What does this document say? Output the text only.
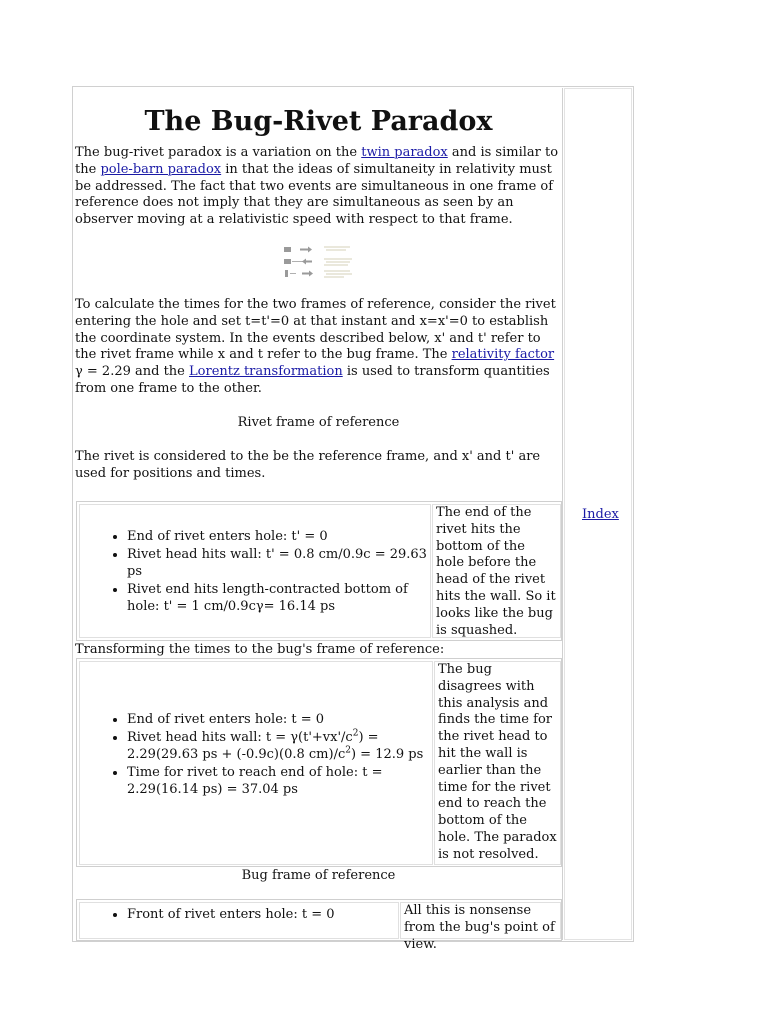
The Bug-Rivet Paradox

The bug-rivet paradox is a variation on the twin paradox and is similar to the pole-barn paradox in that the ideas of simultaneity in relativity must be addressed. The fact that two events are simultaneous in one frame of reference does not imply that they are simultaneous as seen by an observer moving at a relativistic speed with respect to that frame.

To calculate the times for the two frames of reference, consider the rivet entering the hole and set t=t'=0 at that instant and x=x'=0 to establish the coordinate system. In the events described below, x' and t' refer to the rivet frame while x and t refer to the bug frame. The relativity factor γ = 2.29 and the Lorentz transformation is used to transform quantities from one frame to the other.

Rivet frame of reference

The rivet is considered to the be the reference frame, and x' and t' are used for positions and times.

• End of rivet enters hole: t' = 0
• Rivet head hits wall: t' = 0.8 cm/0.9c = 29.63 ps
• Rivet end hits length-contracted bottom of hole: t' = 1 cm/0.9cγ= 16.14 ps
The end of the rivet hits the bottom of the hole before the head of the rivet hits the wall. So it looks like the bug is squashed.
Transforming the times to the bug's frame of reference:
• End of rivet enters hole: t = 0
• Rivet head hits wall: $t = \gamma(t'+vx'/c^2) = 2.29(29.63$ ps + (-0.9c)(0.8 $cm)/c^2) = 12.9$ ps
• Time for rivet to reach end of hole: t = 2.29(16.14 ps) = 37.04 ps
The bug disagrees with this analysis and finds the time for the rivet head to hit the wall is earlier than the time for the rivet end to reach the bottom of the hole. The paradox is not resolved.
Bug frame of reference
• Front of rivet enters hole: t = 0	All this is nonsense from the bug's point of view.
Index
